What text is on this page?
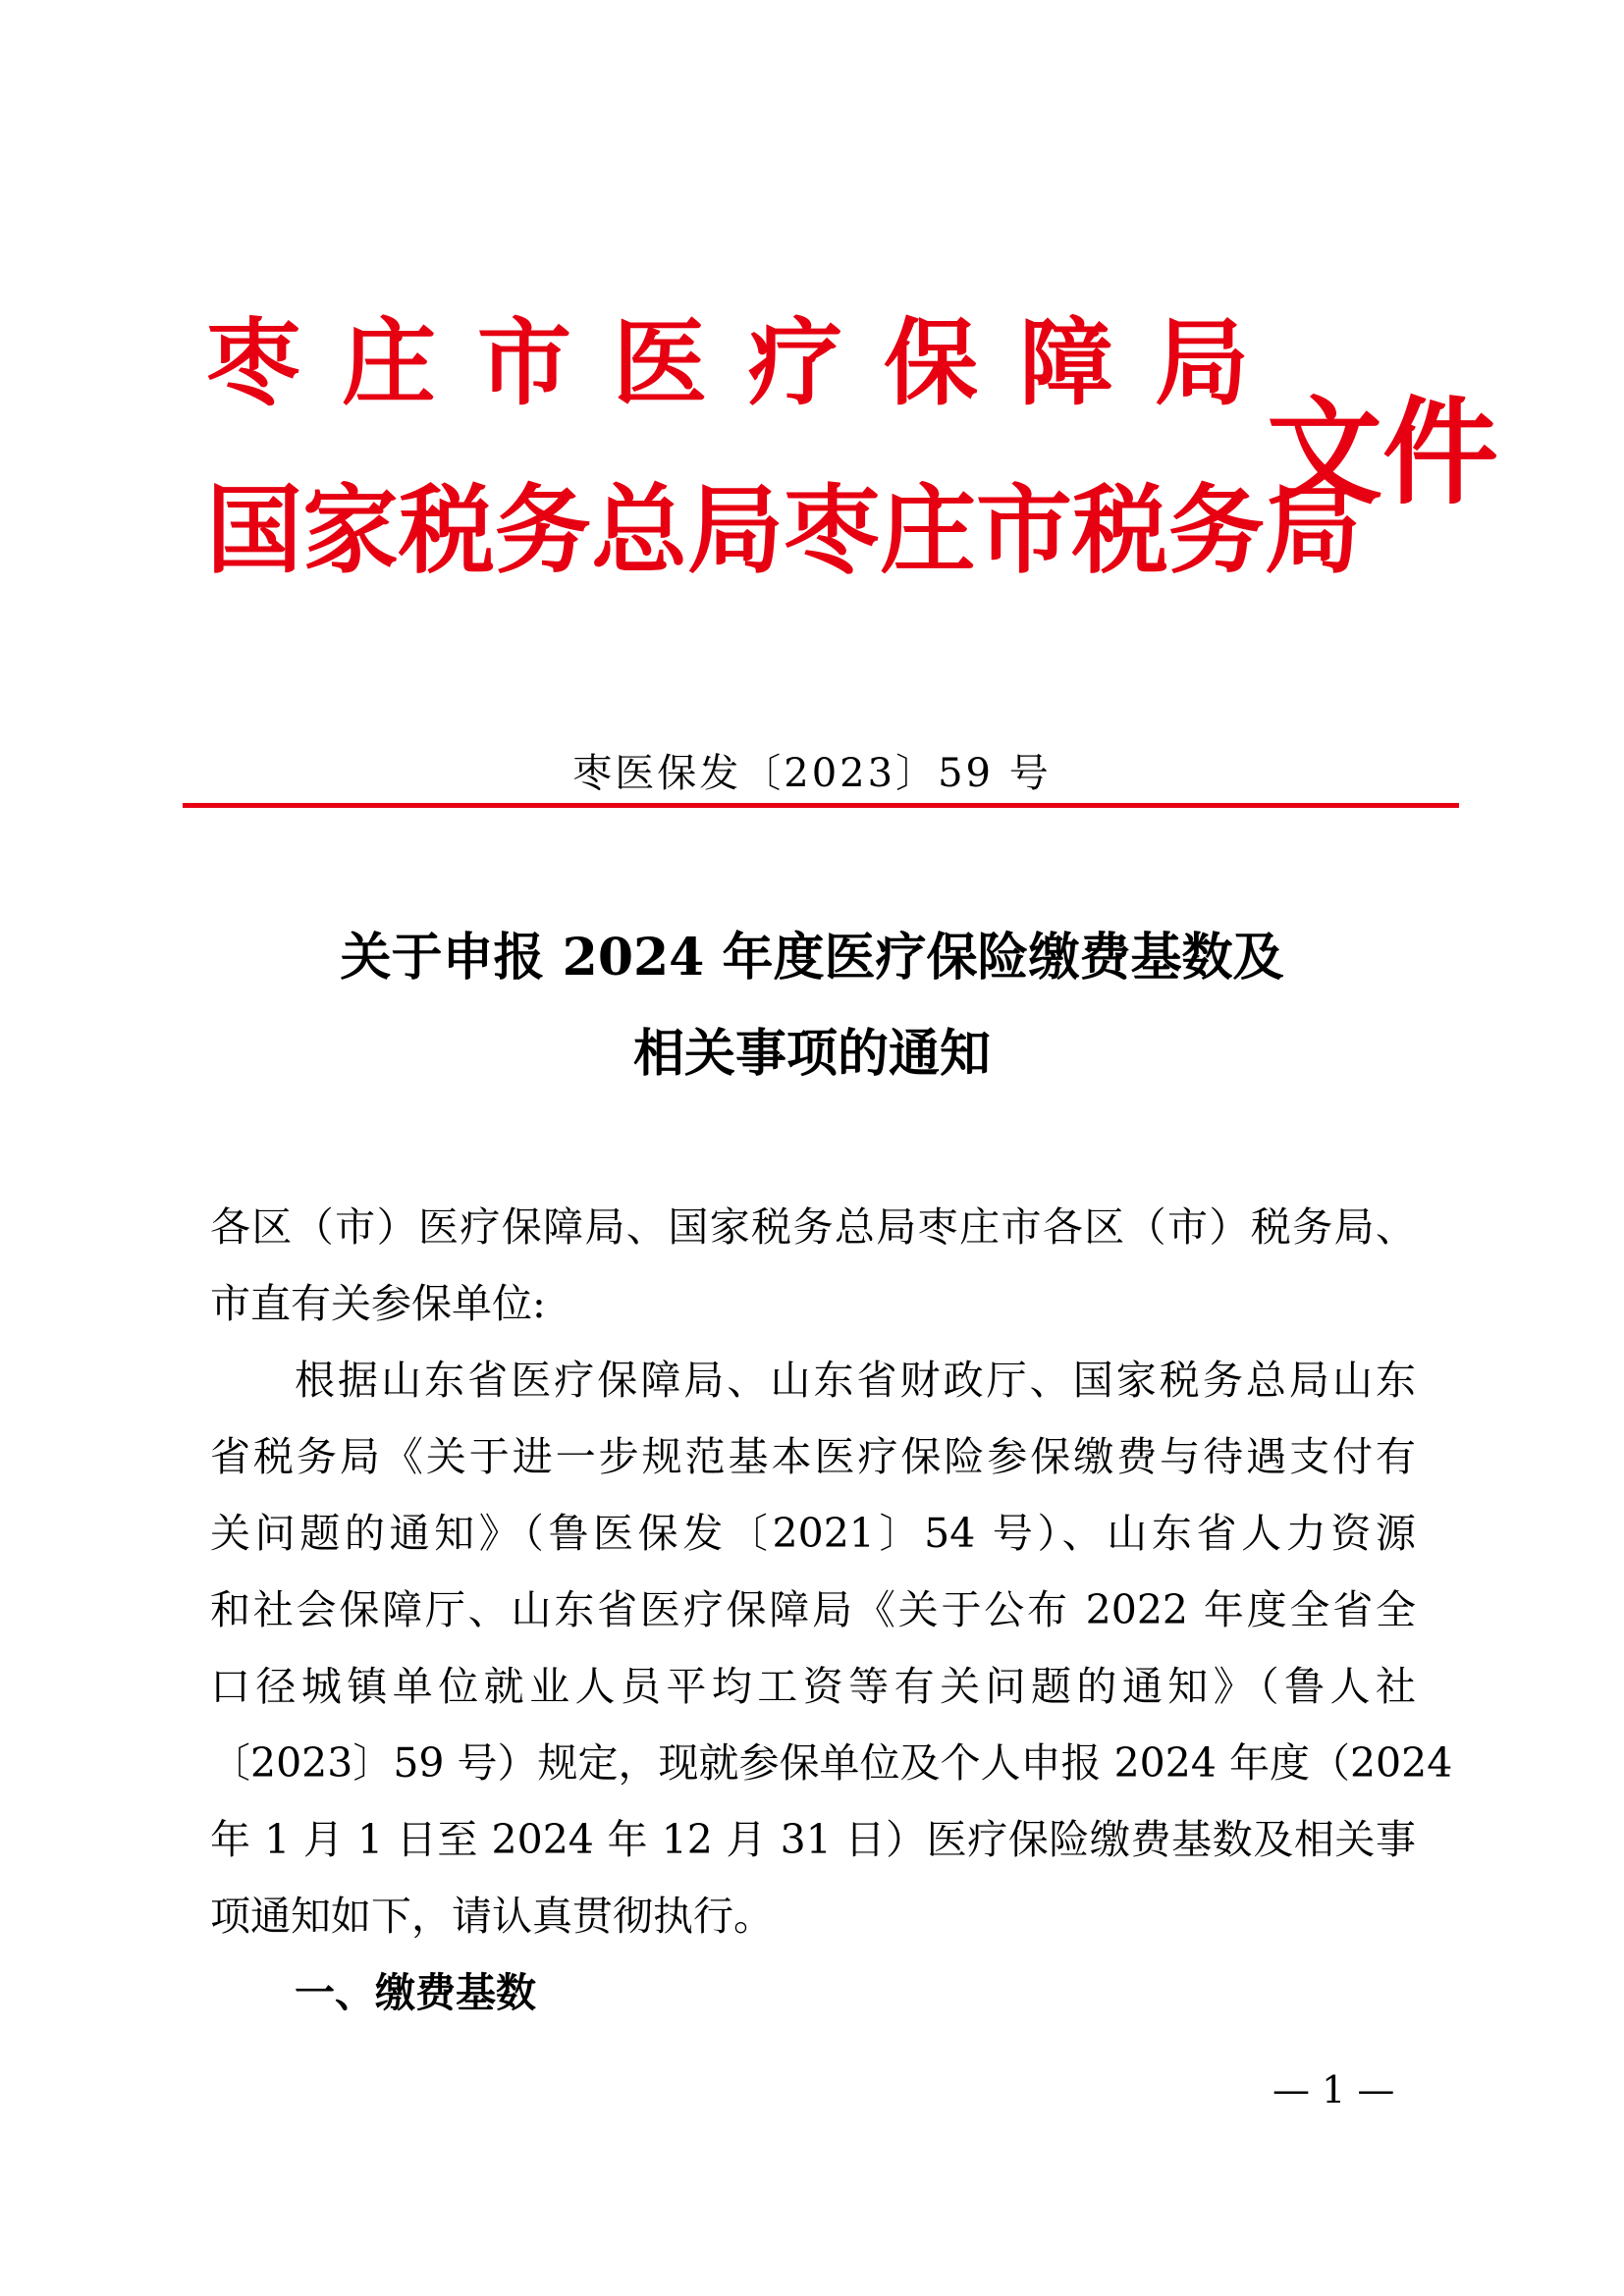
枣庄市医疗保障局
国家税务总局枣庄市税务局
文件
枣医保发〔2023〕59 号
关于申报 2024 年度医疗保险缴费基数及
相关事项的通知
各区（市）医疗保障局、国家税务总局枣庄市各区（市）税务局、
市直有关参保单位:
根据山东省医疗保障局、山东省财政厅、国家税务总局山东
省税务局《关于进一步规范基本医疗保险参保缴费与待遇支付有
关问题的通知》（鲁医保发〔2021〕54 号）、山东省人力资源
和社会保障厅、山东省医疗保障局《关于公布 2022 年度全省全
口径城镇单位就业人员平均工资等有关问题的通知》（鲁人社
〔2023〕59 号）规定，现就参保单位及个人申报 2024 年度（2024
年 1 月 1 日至 2024 年 12 月 31 日）医疗保险缴费基数及相关事
项通知如下，请认真贯彻执行。
一、缴费基数
— 1 —
